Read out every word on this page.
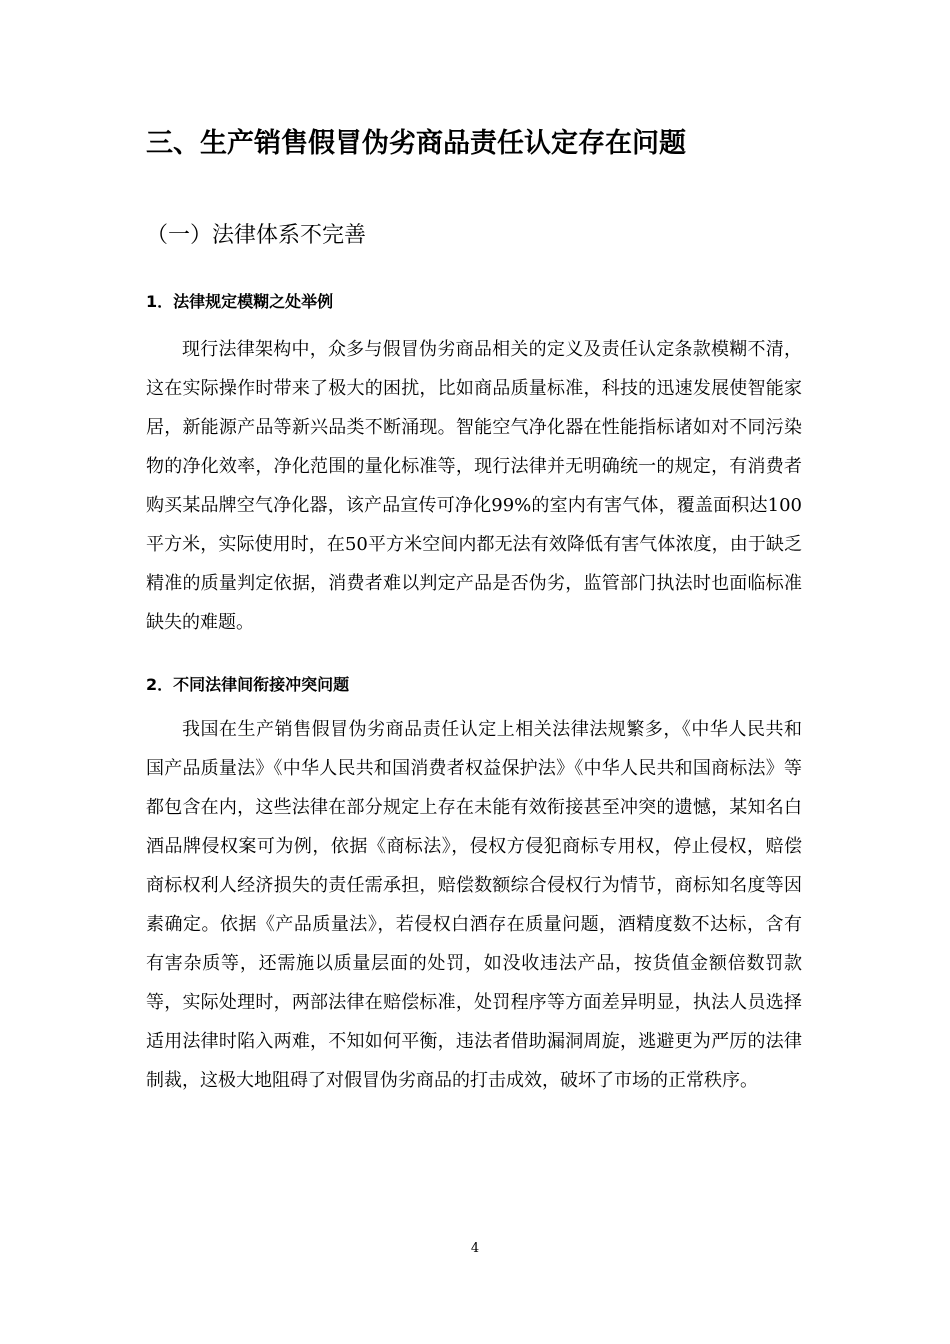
三、生产销售假冒伪劣商品责任认定存在问题
（一）法律体系不完善
1．法律规定模糊之处举例

现行法律架构中，众多与假冒伪劣商品相关的定义及责任认定条款模糊不清，这在实际操作时带来了极大的困扰，比如商品质量标准，科技的迅速发展使智能家居，新能源产品等新兴品类不断涌现。智能空气净化器在性能指标诸如对不同污染物的净化效率，净化范围的量化标准等，现行法律并无明确统一的规定，有消费者购买某品牌空气净化器，该产品宣传可净化99%的室内有害气体，覆盖面积达100平方米，实际使用时，在50平方米空间内都无法有效降低有害气体浓度，由于缺乏精准的质量判定依据，消费者难以判定产品是否伪劣，监管部门执法时也面临标准缺失的难题。

2．不同法律间衔接冲突问题

我国在生产销售假冒伪劣商品责任认定上相关法律法规繁多，《中华人民共和国产品质量法》《中华人民共和国消费者权益保护法》《中华人民共和国商标法》等都包含在内，这些法律在部分规定上存在未能有效衔接甚至冲突的遗憾，某知名白酒品牌侵权案可为例，依据《商标法》，侵权方侵犯商标专用权，停止侵权，赔偿商标权利人经济损失的责任需承担，赔偿数额综合侵权行为情节，商标知名度等因素确定。依据《产品质量法》，若侵权白酒存在质量问题，酒精度数不达标，含有有害杂质等，还需施以质量层面的处罚，如没收违法产品，按货值金额倍数罚款等，实际处理时，两部法律在赔偿标准，处罚程序等方面差异明显，执法人员选择适用法律时陷入两难，不知如何平衡，违法者借助漏洞周旋，逃避更为严厉的法律制裁，这极大地阻碍了对假冒伪劣商品的打击成效，破坏了市场的正常秩序。

4
